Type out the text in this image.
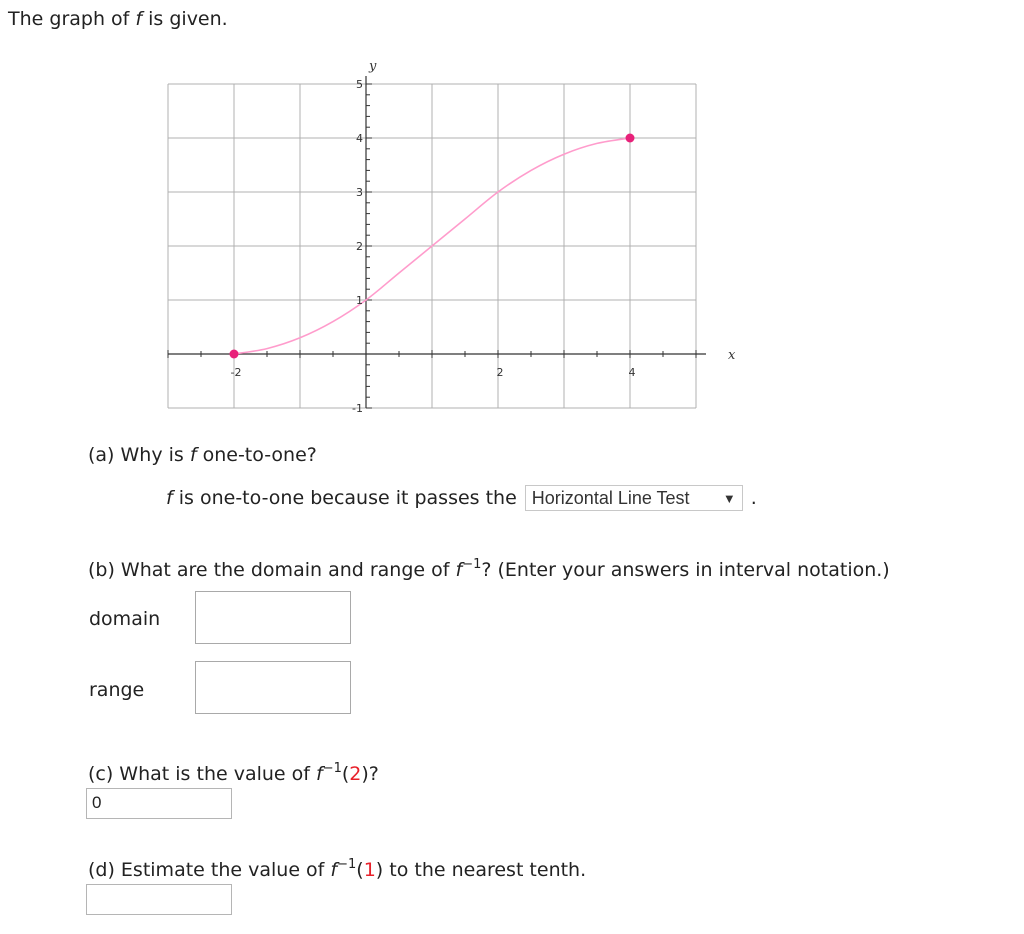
The graph of f is given.
-2	2	4
-1
1
2
3
4
5
x
y
(a) Why is f one-to-one?
f is one-to-one because it passes the Horizontal Line Test	▼ .
(b) What are the domain and range of $f^{-1}$? (Enter your answers in interval notation.)
domain
range
(c) What is the value of $f^{-1}(2)$?
0
(d) Estimate the value of $f^{-1}(1)$ to the nearest tenth.
